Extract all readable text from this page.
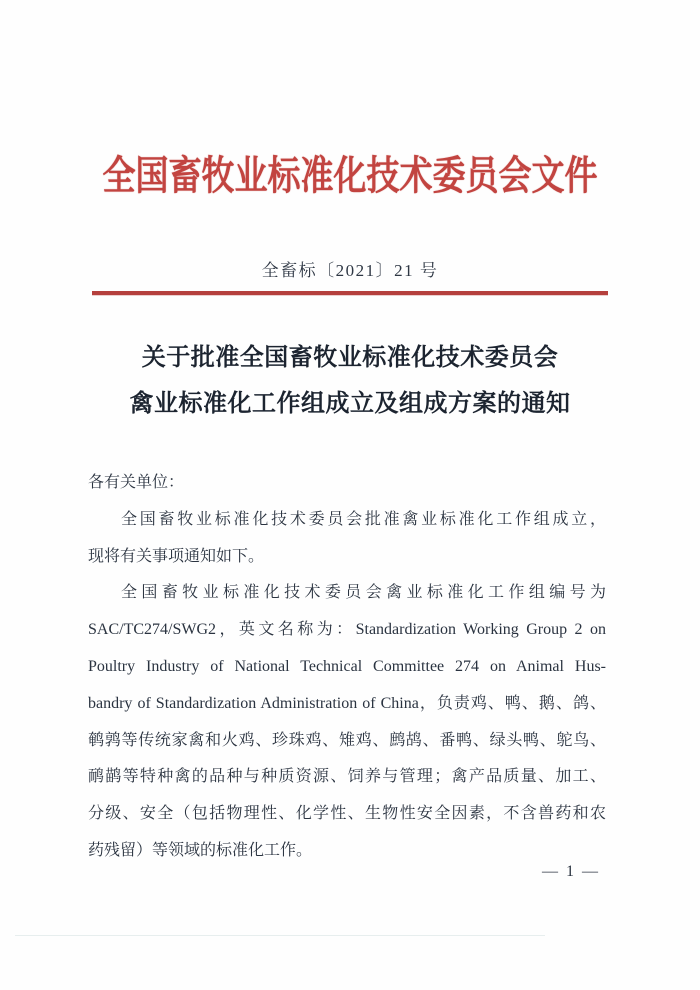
全国畜牧业标准化技术委员会文件
全畜标〔2021〕21 号
关于批准全国畜牧业标准化技术委员会
禽业标准化工作组成立及组成方案的通知
各有关单位：
全国畜牧业标准化技术委员会批准禽业标准化工作组成立，
现将有关事项通知如下。
全国畜牧业标准化技术委员会禽业标准化工作组编号为
SAC/TC274/SWG2，英文名称为：Standardization Working Group 2 on
Poultry Industry of National Technical Committee 274 on Animal Hus-
bandry of Standardization Administration of China，负责鸡、鸭、鹅、鸽、
鹌鹑等传统家禽和火鸡、珍珠鸡、雉鸡、鹧鸪、番鸭、绿头鸭、鸵鸟、
鸸鹋等特种禽的品种与种质资源、饲养与管理；禽产品质量、加工、
分级、安全（包括物理性、化学性、生物性安全因素，不含兽药和农
药残留）等领域的标准化工作。
— 1 —
